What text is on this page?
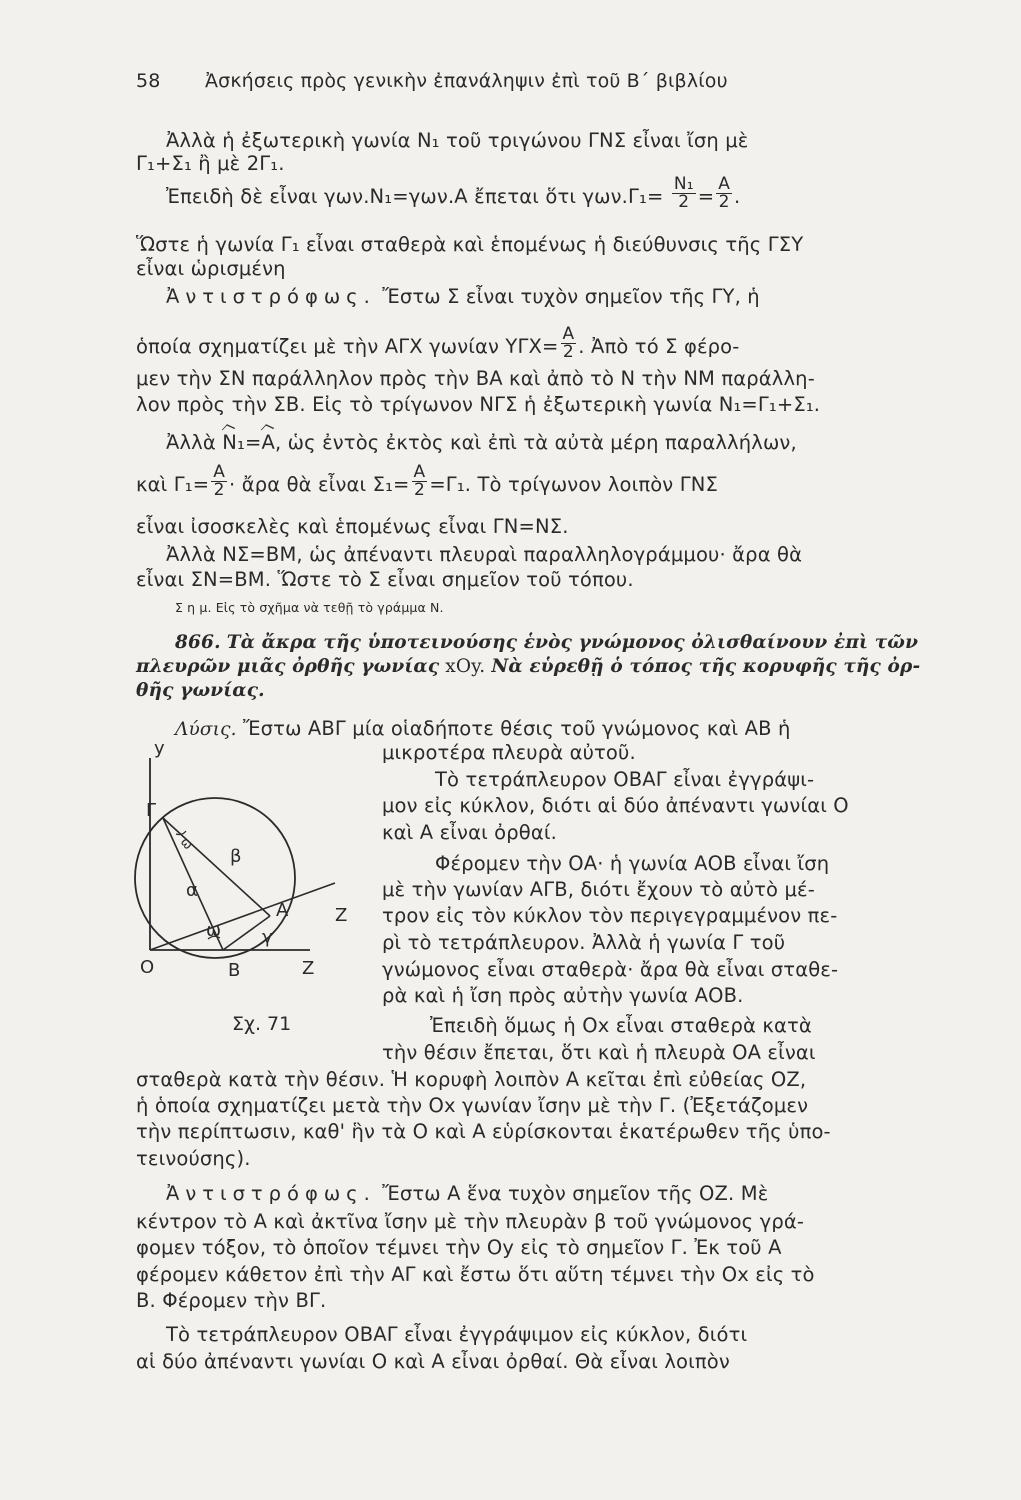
58 Ἀσκήσεις πρὸς γενικὴν ἐπανάληψιν ἐπὶ τοῦ Β΄ βιβλίου
Ἀλλὰ ἡ ἐξωτερικὴ γωνία Ν₁ τοῦ τριγώνου ΓΝΣ εἶναι ἴση μὲ
Γ₁+Σ₁ ἢ μὲ 2Γ₁.
Ἐπειδὴ δὲ εἶναι γων.Ν₁=γων.Α ἔπεται ὅτι $\gamma\omega\nu.\Gamma_1= \frac{\text{Ν₁}}{2} = \frac{A}{2}$ .
Ὥστε ἡ γωνία Γ₁ εἶναι σταθερὰ καὶ ἑπομένως ἡ διεύθυνσις τῆς ΓΣΥ
εἶναι ὡρισμένη
Ἀντιστρόφως. Ἔστω Σ εἶναι τυχὸν σημεῖον τῆς ΓΥ, ἡ
ὁποία σχηματίζει μὲ τὴν ΑΓΧ γωνίαν $\Upsilon\Gamma X= \frac{A}{2}$ . Ἀπὸ τό Σ φέρο-
μεν τὴν ΣΝ παράλληλον πρὸς τὴν ΒΑ καὶ ἀπὸ τὸ Ν τὴν ΝΜ παράλλη-
λον πρὸς τὴν ΣΒ. Εἰς τὸ τρίγωνον ΝΓΣ ἡ ἐξωτερικὴ γωνία Ν₁=Γ₁+Σ₁.
Ἀλλὰ Ν₁=Α, ὡς ἐντὸς ἐκτὸς καὶ ἐπὶ τὰ αὐτὰ μέρη παραλλήλων,
καὶ $\Gamma_1= \frac{A}{2}$ · ἄρα θὰ εἶναι $\Sigma_1= \frac{A}{2} =\Gamma_1$. Τὸ τρίγωνον λοιπὸν ΓΝΣ
εἶναι ἰσοσκελὲς καὶ ἑπομένως εἶναι ΓΝ=ΝΣ.
Ἀλλὰ ΝΣ=ΒΜ, ὡς ἀπέναντι πλευραὶ παραλληλογράμμου· ἄρα θὰ
εἶναι ΣΝ=ΒΜ. Ὥστε τὸ Σ εἶναι σημεῖον τοῦ τόπου.
Σ η μ. Εἰς τὸ σχῆμα νὰ τεθῇ τὸ γράμμα Ν.
866. Τὰ ἄκρα τῆς ὑποτεινούσης ἑνὸς γνώμονος ὀλισθαίνουν ἐπὶ τῶν
πλευρῶν μιᾶς ὀρθῆς γωνίας xOy. Νὰ εὑρεθῇ ὁ τόπος τῆς κορυφῆς τῆς ὀρ-
θῆς γωνίας.
Λύσις. Ἔστω ΑΒΓ μία οἱαδήποτε θέσις τοῦ γνώμονος καὶ ΑΒ ἡ
μικροτέρα πλευρὰ αὐτοῦ.
Τὸ τετράπλευρον ΟΒΑΓ εἶναι ἐγγράψι-
μον εἰς κύκλον, διότι αἱ δύο ἀπέναντι γωνίαι Ο
καὶ Α εἶναι ὀρθαί.
Φέρομεν τὴν ΟΑ· ἡ γωνία ΑΟΒ εἶναι ἴση
μὲ τὴν γωνίαν ΑΓΒ, διότι ἔχουν τὸ αὐτὸ μέ-
τρον εἰς τὸν κύκλον τὸν περιγεγραμμένον πε-
ρὶ τὸ τετράπλευρον. Ἀλλὰ ἡ γωνία Γ τοῦ
γνώμονος εἶναι σταθερὰ· ἄρα θὰ εἶναι σταθε-
ρὰ καὶ ἡ ἴση πρὸς αὐτὴν γωνία ΑΟΒ.
Ἐπειδὴ ὅμως ἡ Οx εἶναι σταθερὰ κατὰ
τὴν θέσιν ἔπεται, ὅτι καὶ ἡ πλευρὰ ΟΑ εἶναι
σταθερὰ κατὰ τὴν θέσιν. Ἡ κορυφὴ λοιπὸν Α κεῖται ἐπὶ εὐθείας ΟΖ,
ἡ ὁποία σχηματίζει μετὰ τὴν Οx γωνίαν ἴσην μὲ τὴν Γ. (Ἐξετάζομεν
τὴν περίπτωσιν, καθ' ἣν τὰ Ο καὶ Α εὑρίσκονται ἑκατέρωθεν τῆς ὑπο-
τεινούσης).
Ἀντιστρόφως. Ἔστω Α ἕνα τυχὸν σημεῖον τῆς ΟΖ. Μὲ
κέντρον τὸ Α καὶ ἀκτῖνα ἴσην μὲ τὴν πλευρὰν β τοῦ γνώμονος γρά-
φομεν τόξον, τὸ ὁποῖον τέμνει τὴν Οy εἰς τὸ σημεῖον Γ. Ἐκ τοῦ Α
φέρομεν κάθετον ἐπὶ τὴν ΑΓ καὶ ἔστω ὅτι αὕτη τέμνει τὴν Οx εἰς τὸ
Β. Φέρομεν τὴν ΒΓ.
Τὸ τετράπλευρον ΟΒΑΓ εἶναι ἐγγράψιμον εἰς κύκλον, διότι
αἱ δύο ἀπέναντι γωνίαι Ο καὶ Α εἶναι ὀρθαί. Θὰ εἶναι λοιπὸν
y
Γ
ω
β
α
Α	Ζ
ω γ
Ο	Β	Ζ
Σχ. 71
